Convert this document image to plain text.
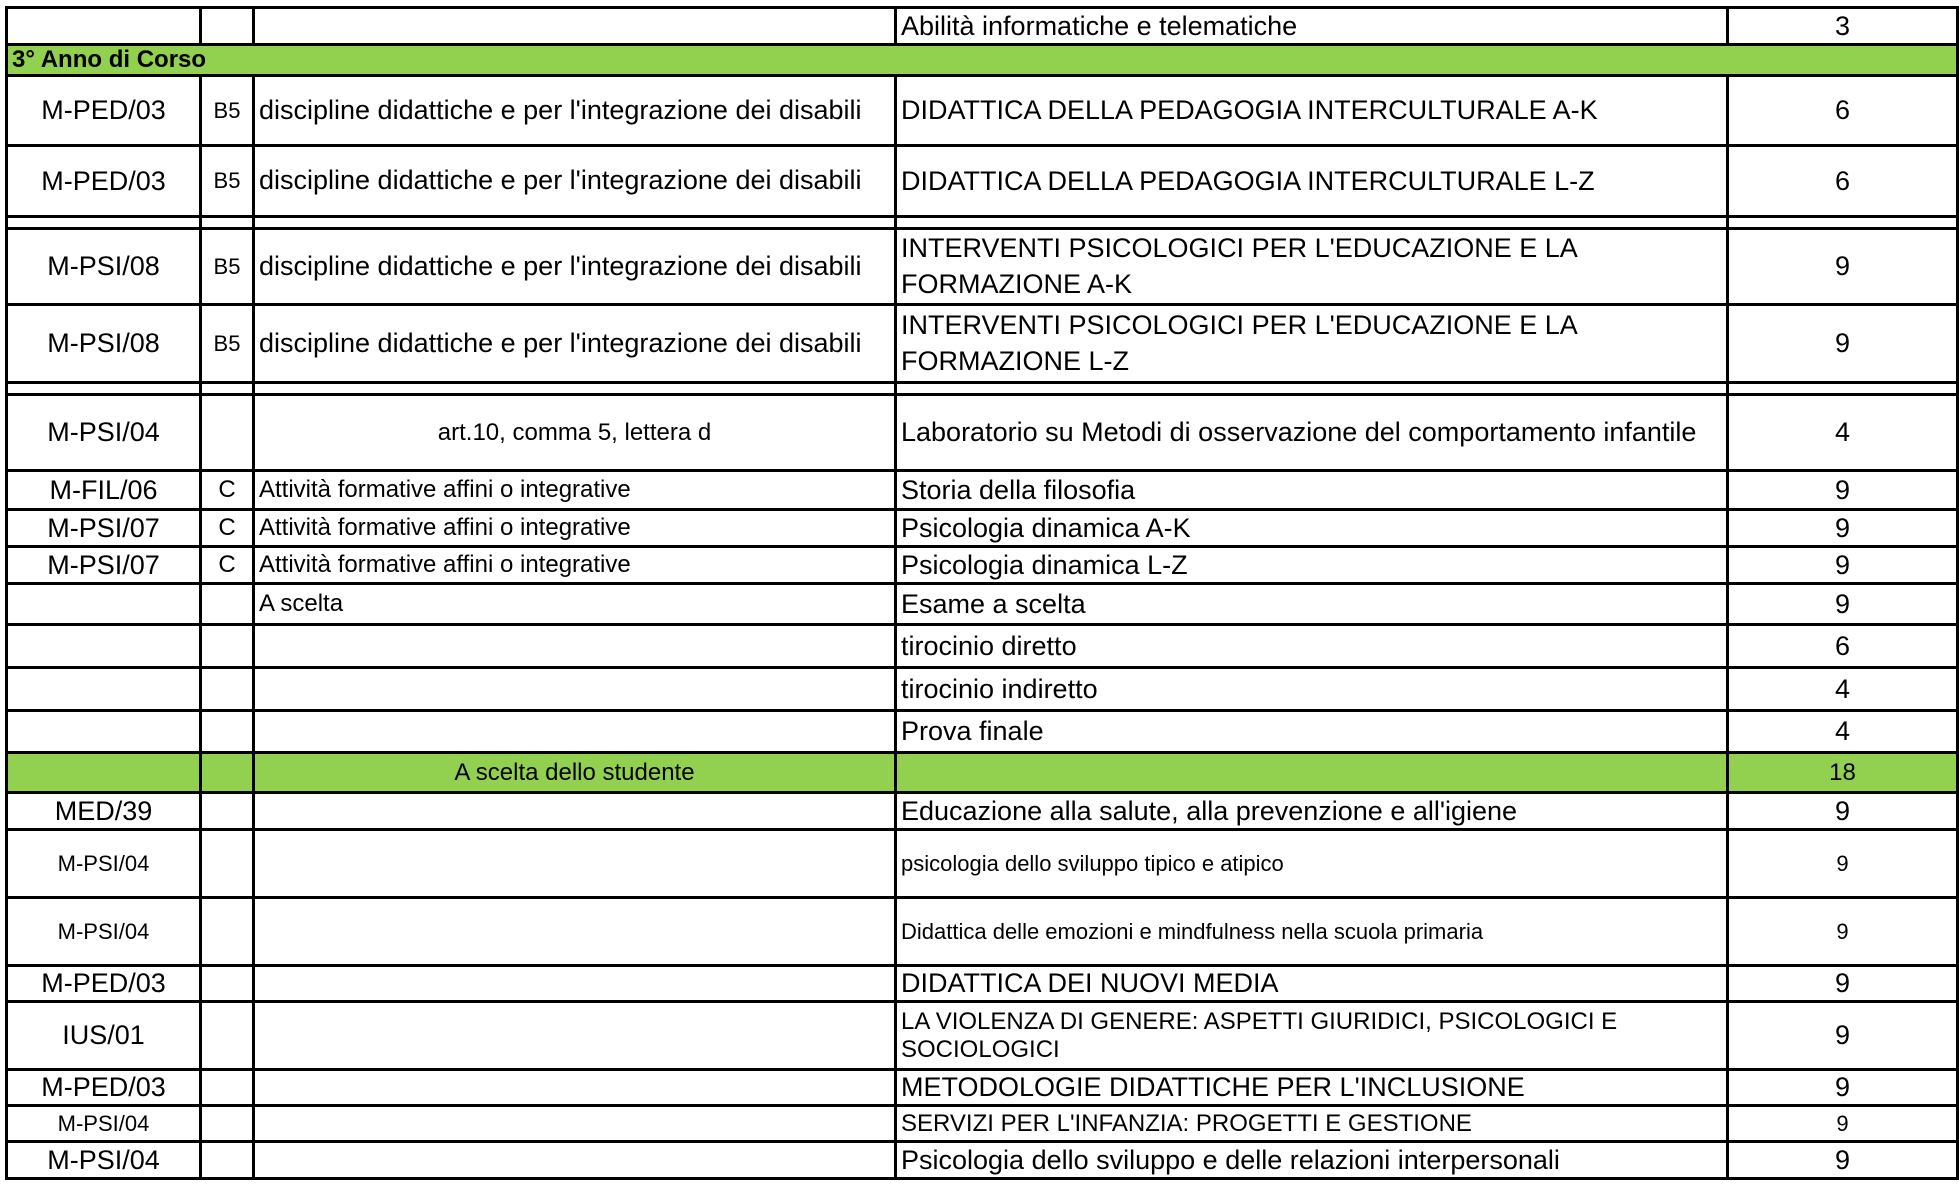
			Abilità informatiche e telematiche	3
3° Anno di Corso				
M-PED/03	B5	discipline didattiche e per l'integrazione dei disabili	DIDATTICA DELLA PEDAGOGIA INTERCULTURALE A-K	6
M-PED/03	B5	discipline didattiche e per l'integrazione dei disabili	DIDATTICA DELLA PEDAGOGIA INTERCULTURALE L-Z	6

M-PSI/08	B5	discipline didattiche e per l'integrazione dei disabili	INTERVENTI PSICOLOGICI PER L'EDUCAZIONE E LA FORMAZIONE A-K	9
M-PSI/08	B5	discipline didattiche e per l'integrazione dei disabili	INTERVENTI PSICOLOGICI PER L'EDUCAZIONE E LA FORMAZIONE L-Z	9

M-PSI/04		art.10, comma 5, lettera d	Laboratorio su Metodi di osservazione del comportamento infantile	4
M-FIL/06	C	Attività formative affini o integrative	Storia della filosofia	9
M-PSI/07	C	Attività formative affini o integrative	Psicologia dinamica A-K	9
M-PSI/07	C	Attività formative affini o integrative	Psicologia dinamica L-Z	9
		A scelta	Esame a scelta	9
			tirocinio diretto	6
			tirocinio indiretto	4
			Prova finale	4
		A scelta dello studente		18
MED/39			Educazione alla salute, alla prevenzione e all'igiene	9
M-PSI/04			psicologia dello sviluppo tipico e atipico	9
M-PSI/04			Didattica delle emozioni e mindfulness nella scuola primaria	9
M-PED/03			DIDATTICA DEI NUOVI MEDIA	9
IUS/01			LA VIOLENZA DI GENERE: ASPETTI GIURIDICI, PSICOLOGICI E SOCIOLOGICI	9
M-PED/03			METODOLOGIE DIDATTICHE PER L'INCLUSIONE	9
M-PSI/04			SERVIZI PER L'INFANZIA: PROGETTI E GESTIONE	9
M-PSI/04			Psicologia dello sviluppo e delle relazioni interpersonali	9
